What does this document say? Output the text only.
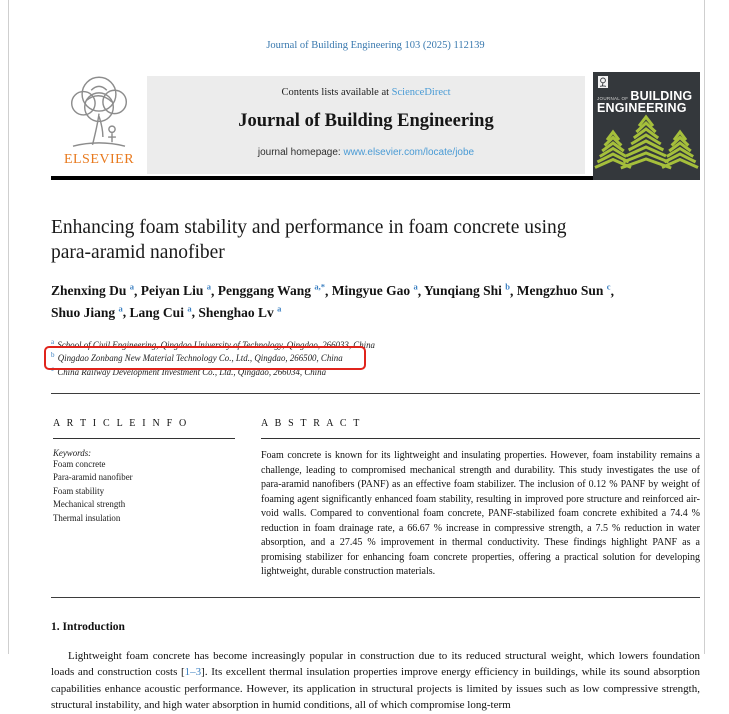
Journal of Building Engineering 103 (2025) 112139
ELSEVIER
Contents lists available at ScienceDirect
Journal of Building Engineering
journal homepage: www.elsevier.com/locate/jobe
JOURNAL OF BUILDING
ENGINEERING
Enhancing foam stability and performance in foam concrete using para-aramid nanofiber
Zhenxing Du $^a$, Peiyan Liu $^a$, Penggang Wang $^{a,*}$, Mingyue Gao $^a$, Yunqiang Shi $^b$, Mengzhuo Sun $^c$, Shuo Jiang $^a$, Lang Cui $^a$, Shenghao Lv $^a$
$^a$ School of Civil Engineering, Qingdao University of Technology, Qingdao, 266033, China
$^b$ Qingdao Zonbang New Material Technology Co., Ltd., Qingdao, 266500, China
$^c$ China Railway Development Investment Co., Ltd., Qingdao, 266034, China
A R T I C L E I N F O
Keywords:
Foam concrete
Para-aramid nanofiber
Foam stability
Mechanical strength
Thermal insulation
A B S T R A C T
Foam concrete is known for its lightweight and insulating properties. However, foam instability remains a challenge, leading to compromised mechanical strength and durability. This study investigates the use of para-aramid nanofibers (PANF) as an effective foam stabilizer. The inclusion of 0.12 % PANF by weight of foaming agent significantly enhanced foam stability, resulting in improved pore structure and reinforced air-void walls. Compared to conventional foam concrete, PANF-stabilized foam concrete exhibited a 74.4 % reduction in foam drainage rate, a 66.67 % increase in compressive strength, a 7.5 % reduction in water absorption, and a 27.45 % improvement in thermal conductivity. These findings highlight PANF as a promising stabilizer for enhancing foam concrete properties, offering a practical solution for developing lightweight, durable construction materials.
1. Introduction
Lightweight foam concrete has become increasingly popular in construction due to its reduced structural weight, which lowers foundation loads and construction costs [1–3]. Its excellent thermal insulation properties improve energy efficiency in buildings, while its sound absorption capabilities enhance acoustic performance. However, its application in structural projects is limited by issues such as low compressive strength, structural instability, and high water absorption in humid conditions, all of which compromise long-term
